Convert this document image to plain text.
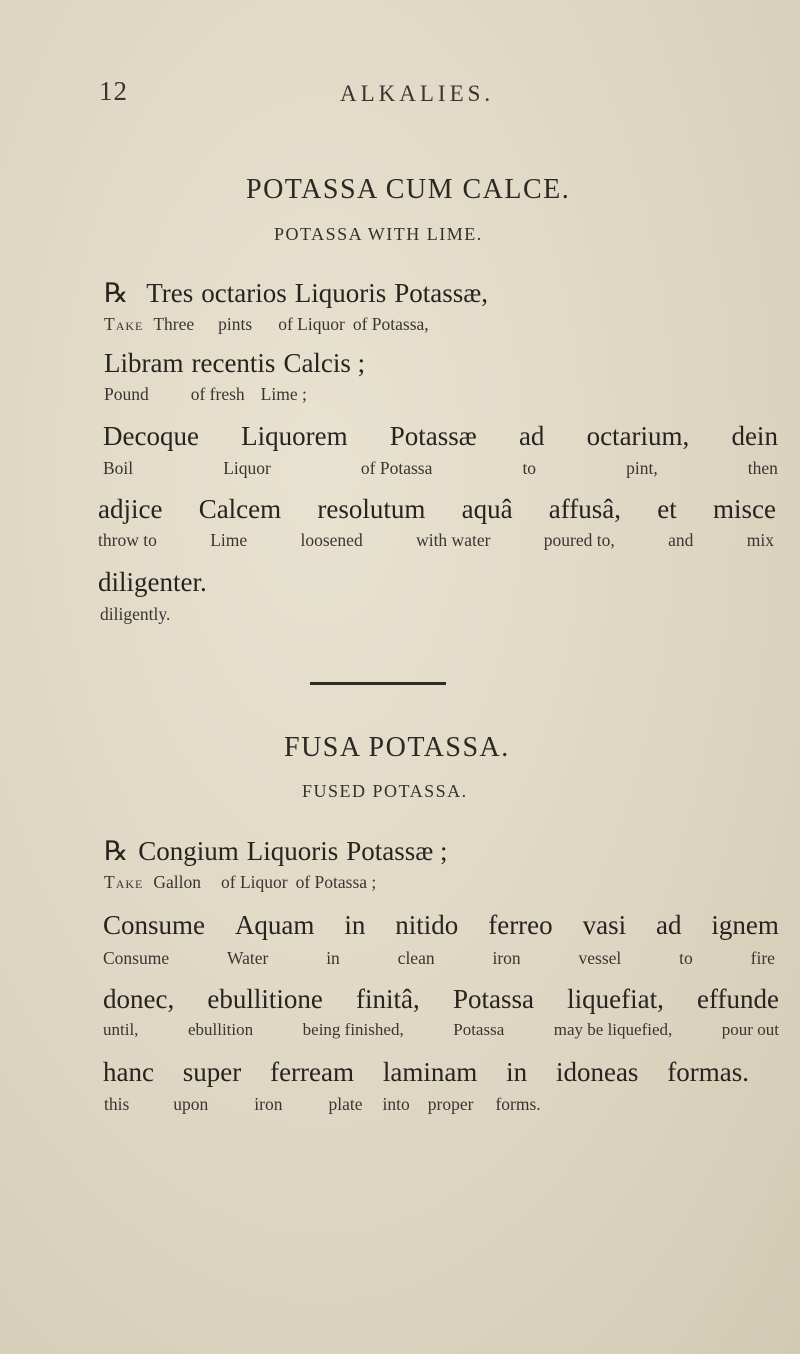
12	ALKALIES.
POTASSA CUM CALCE.
POTASSA WITH LIME.
℞ Tres octarios Liquoris Potassæ,
Take Three pints of Liquor of Potassa,
Libram recentis Calcis ;
Pound of fresh Lime ;
Decoque Liquorem Potassæ ad octarium, dein
Boil	Liquor	of Potassa	to	pint,	then
adjice Calcem resolutum aquâ affusâ, et misce
throw to	Lime	loosened	with water	poured to,	and	mix
diligenter.
diligently.
FUSA POTASSA.
FUSED POTASSA.
℞ Congium Liquoris Potassæ ;
Take Gallon of Liquor of Potassa ;
Consume Aquam in nitido ferreo vasi ad ignem
Consume	Water	in	clean	iron	vessel	to	fire
donec, ebullitione finitâ, Potassa liquefiat, effunde
until,	ebullition	being finished,	Potassa	may be liquefied,	pour out
hanc super ferream laminam in idoneas formas.
this	upon	iron	plate into proper forms.
